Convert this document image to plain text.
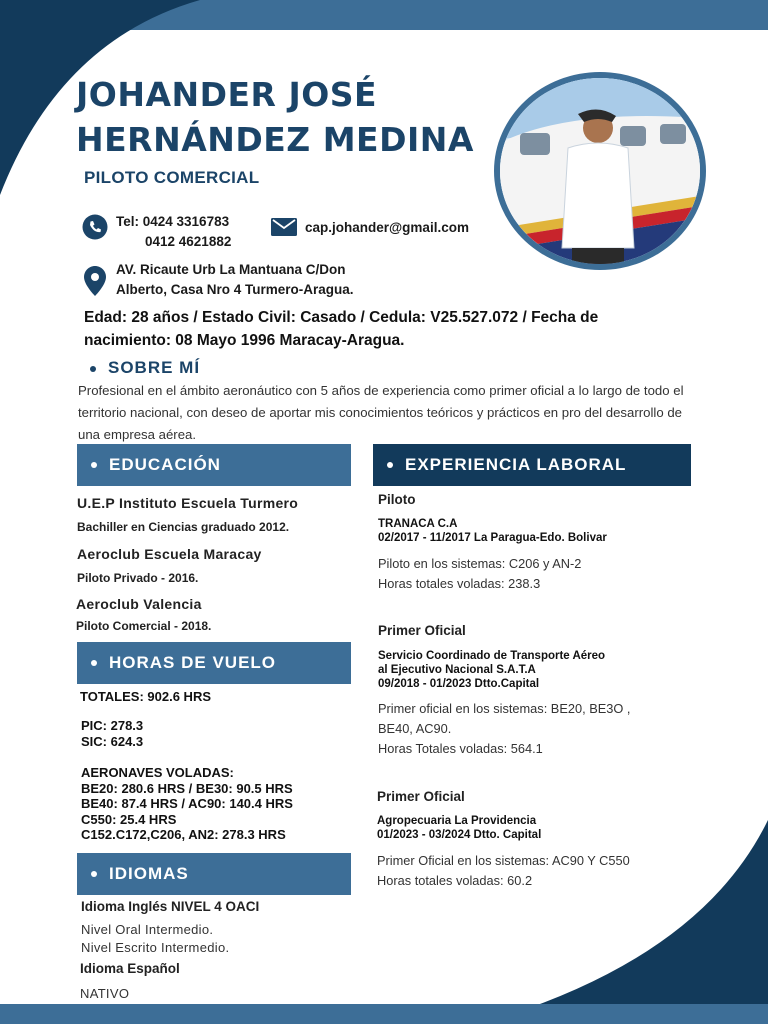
JOHANDER JOSÉ
HERNÁNDEZ MEDINA
PILOTO COMERCIAL
Tel: 0424 3316783
0412 4621882
cap.johander@gmail.com
AV. Ricaute Urb La Mantuana C/Don
Alberto, Casa Nro 4 Turmero-Aragua.
Edad: 28 años / Estado Civil: Casado / Cedula: V25.527.072 / Fecha de
nacimiento: 08 Mayo 1996 Maracay-Aragua.
SOBRE MÍ
Profesional en el ámbito aeronáutico con 5 años de experiencia como primer oficial a lo largo de todo el territorio nacional, con deseo de aportar mis conocimientos teóricos y prácticos en pro del desarrollo de una empresa aérea.
EDUCACIÓN
U.E.P Instituto Escuela Turmero
Bachiller en Ciencias graduado 2012.
Aeroclub Escuela Maracay
Piloto Privado - 2016.
Aeroclub Valencia
Piloto Comercial - 2018.
HORAS DE VUELO
TOTALES: 902.6 HRS
PIC: 278.3
SIC: 624.3
AERONAVES VOLADAS:
BE20: 280.6 HRS / BE30: 90.5 HRS
BE40: 87.4 HRS / AC90: 140.4 HRS
C550: 25.4 HRS
C152.C172,C206, AN2: 278.3 HRS
IDIOMAS
Idioma Inglés NIVEL 4 OACI
Nivel Oral Intermedio.
Nivel Escrito Intermedio.
Idioma Español
NATIVO
EXPERIENCIA LABORAL
Piloto
TRANACA C.A
02/2017 - 11/2017 La Paragua-Edo. Bolivar
Piloto en los sistemas: C206 y AN-2
Horas totales voladas: 238.3
Primer Oficial
Servicio Coordinado de Transporte Aéreo
al Ejecutivo Nacional S.A.T.A
09/2018 - 01/2023 Dtto.Capital
Primer oficial en los sistemas: BE20, BE3O ,
BE40, AC90.
Horas Totales voladas: 564.1
Primer Oficial
Agropecuaria La Providencia
01/2023 - 03/2024 Dtto. Capital
Primer Oficial en los sistemas: AC90 Y C550
Horas totales voladas: 60.2
